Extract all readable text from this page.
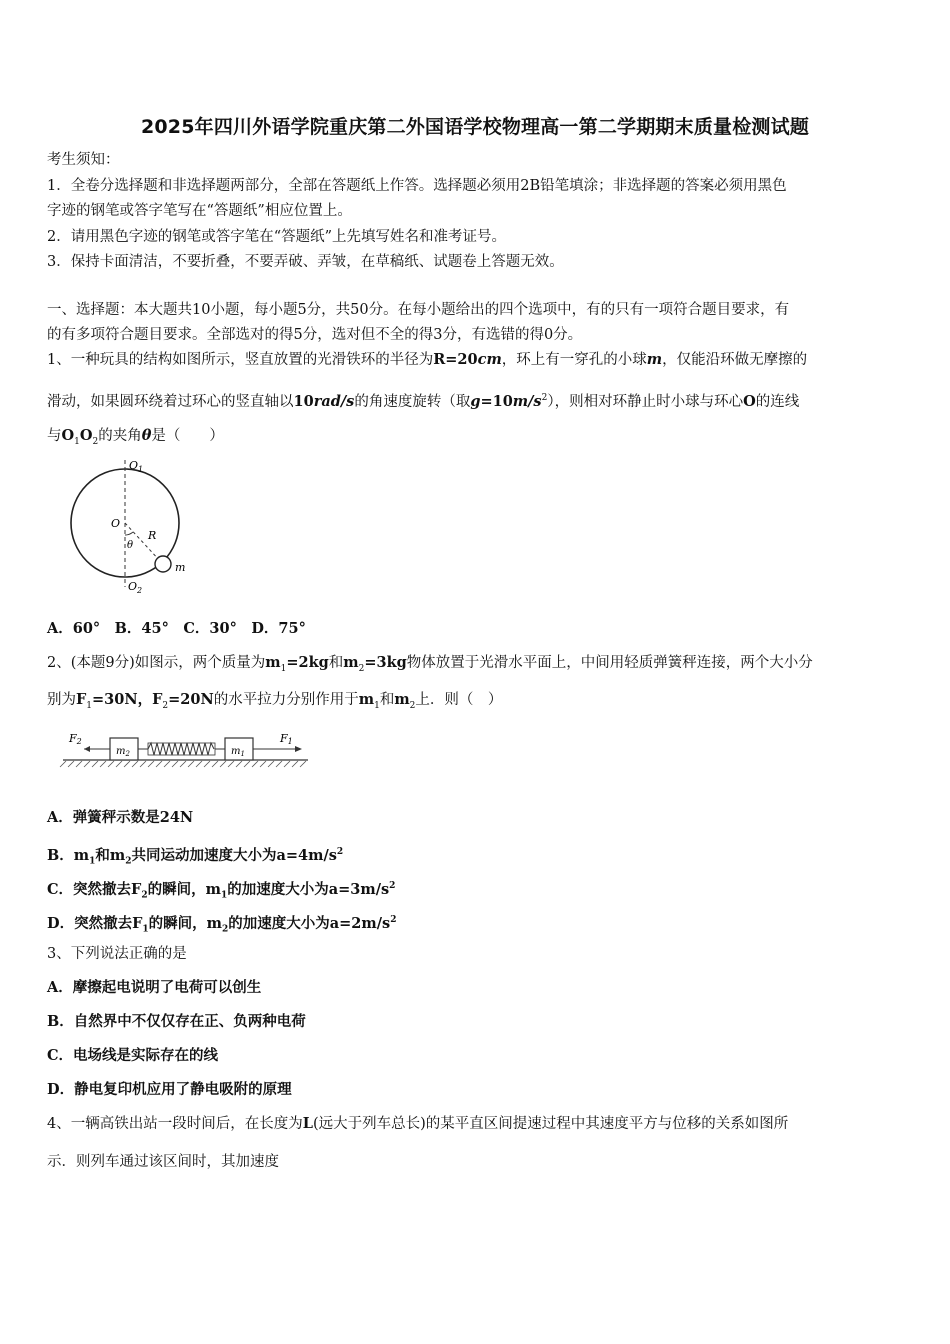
2025年四川外语学院重庆第二外国语学校物理高一第二学期期末质量检测试题
考生须知：
1．全卷分选择题和非选择题两部分，全部在答题纸上作答。选择题必须用2B铅笔填涂；非选择题的答案必须用黑色
字迹的钢笔或答字笔写在“答题纸”相应位置上。
2．请用黑色字迹的钢笔或答字笔在“答题纸”上先填写姓名和准考证号。
3．保持卡面清洁，不要折叠，不要弄破、弄皱，在草稿纸、试题卷上答题无效。
一、选择题：本大题共10小题，每小题5分，共50分。在每小题给出的四个选项中，有的只有一项符合题目要求，有
的有多项符合题目要求。全部选对的得5分，选对但不全的得3分，有选错的得0分。
1、一种玩具的结构如图所示，竖直放置的光滑铁环的半径为R=20cm，环上有一穿孔的小球m，仅能沿环做无摩擦的
滑动，如果圆环绕着过环心的竖直轴以10rad/s的角速度旋转（取$g=10m/s^2$），则相对环静止时小球与环心O的连线
与$O_1O_2$的夹角θ是（　　）
$O_1$
O
R
θ
m
$O_2$
A．60°　B．45°　C．30°　D．75°
2、(本题9分)如图示，两个质量为$m_1=2kg$和$m_2=3kg$物体放置于光滑水平面上，中间用轻质弹簧秤连接，两个大小分
别为$F_1=30N$，$F_2=20N$的水平拉力分别作用于$m_1$和$m_2$上．则（　）
F2
$m_2$	$m_1$
F1
A．弹簧秤示数是24N
B．$m_1$和$m_2$共同运动加速度大小为$a=4m/s^2$
C．突然撤去$F_2$的瞬间，$m_1$的加速度大小为$a=3m/s^2$
D．突然撤去$F_1$的瞬间，$m_2$的加速度大小为$a=2m/s^2$
3、下列说法正确的是
A．摩擦起电说明了电荷可以创生
B．自然界中不仅仅存在正、负两种电荷
C．电场线是实际存在的线
D．静电复印机应用了静电吸附的原理
4、一辆高铁出站一段时间后，在长度为L(远大于列车总长)的某平直区间提速过程中其速度平方与位移的关系如图所
示．则列车通过该区间时，其加速度
